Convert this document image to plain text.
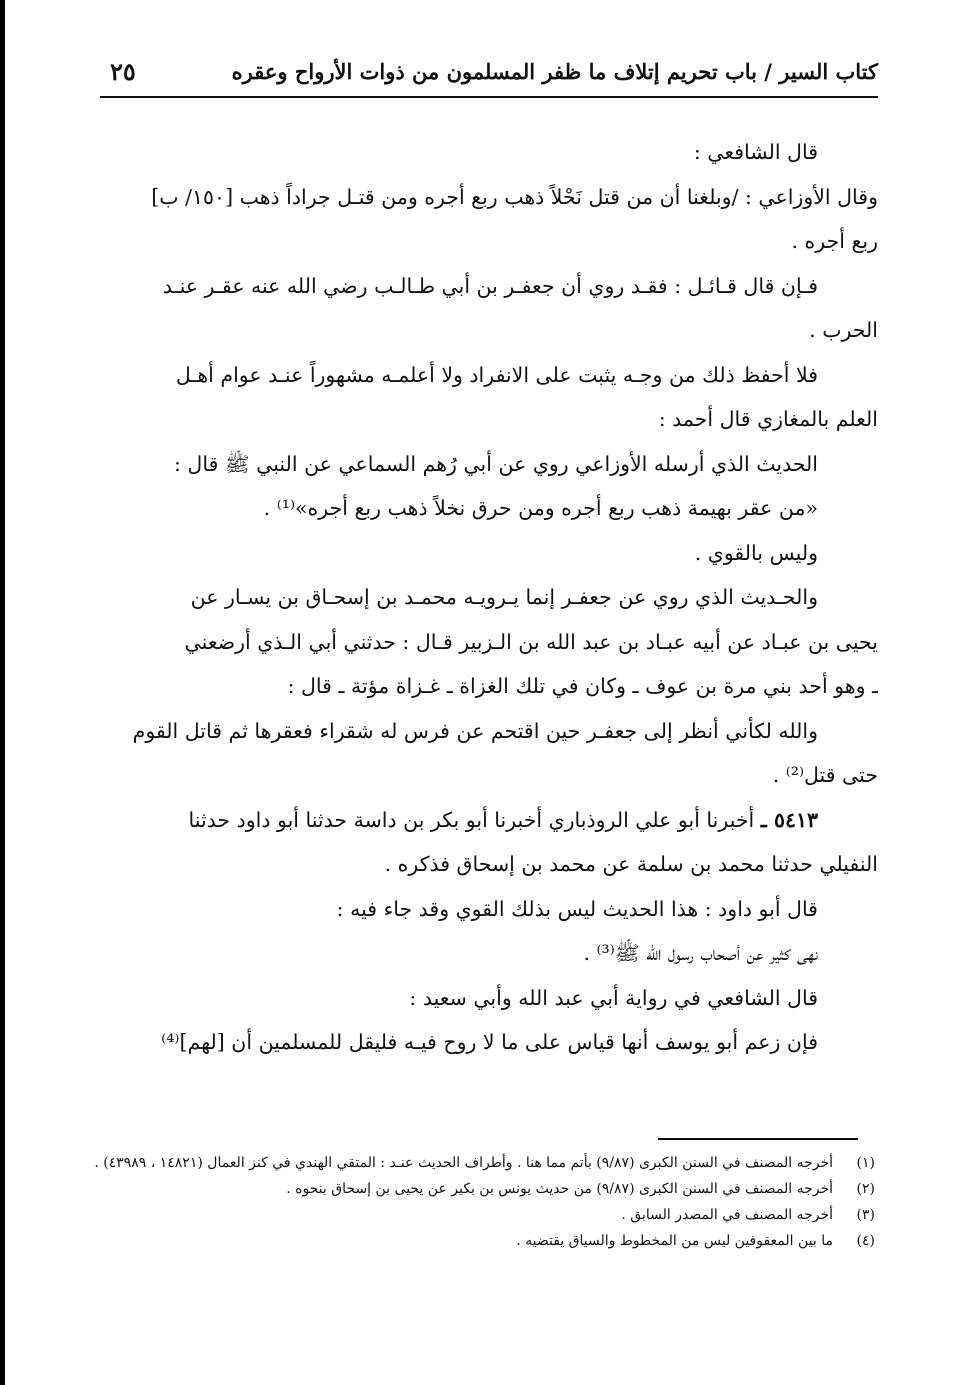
كتاب السير / باب تحريم إتلاف ما ظفر المسلمون من ذوات الأرواح وعقره
٢٥
قال الشافعي :
وقال الأوزاعي : /وبلغنا أن من قتل نَحْلاً ذهب ربع أجره ومن قتـل جراداً ذهب [١٥٠/ ب]
ربع أجره .
فـإن قال قـائـل : فقـد روي أن جعفـر بن أبي طـالـب رضي الله عنه عقـر عنـد
الحرب .
فلا أحفظ ذلك من وجـه يثبت على الانفراد ولا أعلمـه مشهوراً عنـد عوام أهـل
العلم بالمغازي قال أحمد :
الحديث الذي أرسله الأوزاعي روي عن أبي رُهم السماعي عن النبي ﷺ قال :
«من عقر بهيمة ذهب ربع أجره ومن حرق نخلاً ذهب ربع أجره»⁽¹⁾ .
وليس بالقوي .
والحـديث الذي روي عن جعفـر إنما يـرويـه محمـد بن إسحـاق بن يسـار عن
يحيى بن عبـاد عن أبيه عبـاد بن عبد الله بن الـزبير قـال : حدثني أبي الـذي أرضعني
ـ وهو أحد بني مرة بن عوف ـ وكان في تلك الغزاة ـ غـزاة مؤتة ـ قال :
والله لكأني أنظر إلى جعفـر حين اقتحم عن فرس له شقراء فعقرها ثم قاتل القوم
حتى قتل⁽²⁾ .
٥٤١٣ ـ أخبرنا أبو علي الروذباري أخبرنا أبو بكر بن داسة حدثنا أبو داود حدثنا
النفيلي حدثنا محمد بن سلمة عن محمد بن إسحاق فذكره .
قال أبو داود : هذا الحديث ليس بذلك القوي وقد جاء فيه :
نهى كثير عن أصحاب رسول الله ﷺ⁽³⁾ .
قال الشافعي في رواية أبي عبد الله وأبي سعيد :
فإن زعم أبو يوسف أنها قياس على ما لا روح فيـه فليقل للمسلمين أن [لهم]⁽⁴⁾
(١)
أخرجه المصنف في السنن الكبرى (٩/٨٧) بأتم مما هنا . وأطراف الحديث عنـد : المتقي الهندي في كنز العمال (١٤٨٢١ ، ٤٣٩٨٩) .
(٢)
أخرجه المصنف في السنن الكبرى (٩/٨٧) من حديث يونس بن بكير عن يحيى بن إسحاق بنحوه .
(٣)
أخرجه المصنف في المصدر السابق .
(٤)
ما بين المعقوفين ليس من المخطوط والسياق يقتضيه .
